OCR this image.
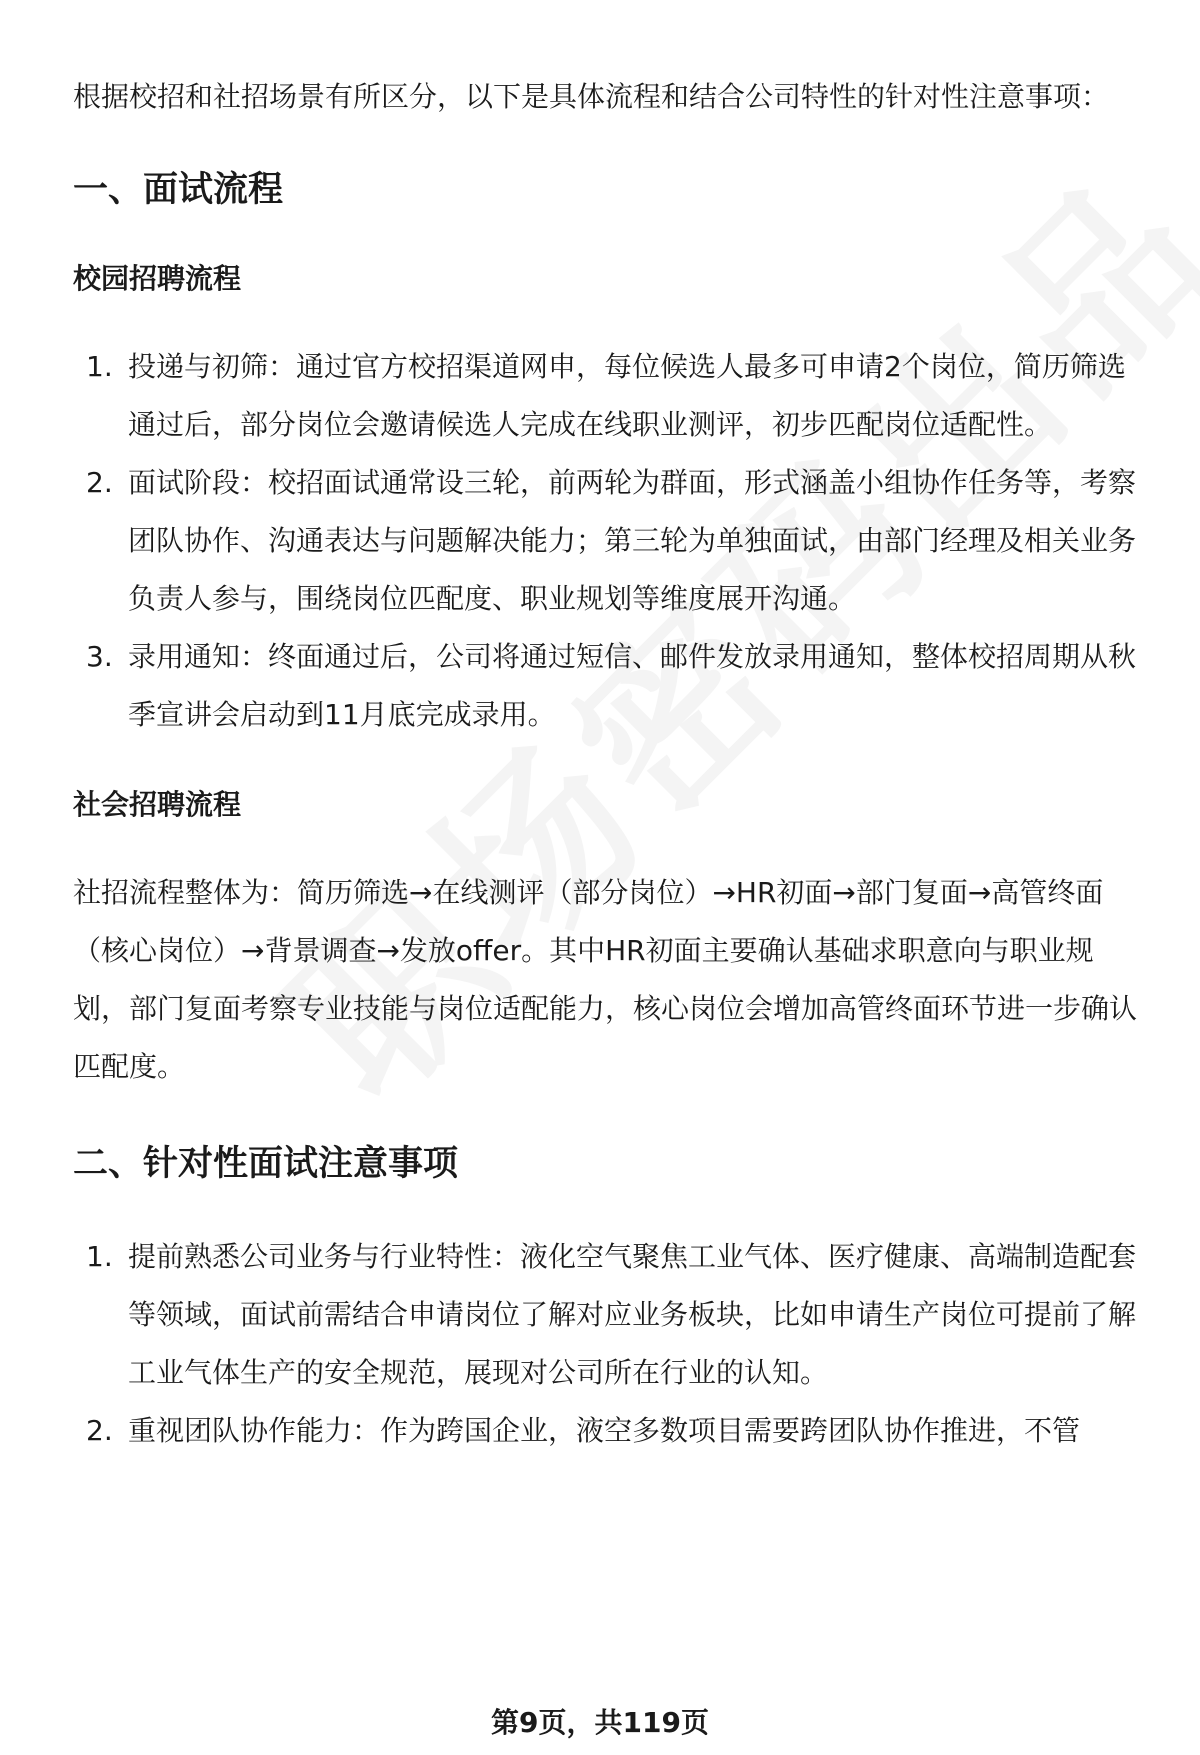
根据校招和社招场景有所区分，以下是具体流程和结合公司特性的针对性注意事项：

一、面试流程
校园招聘流程
1. 投递与初筛：通过官方校招渠道网申，每位候选人最多可申请2个岗位，简历筛选通过后，部分岗位会邀请候选人完成在线职业测评，初步匹配岗位适配性。
2. 面试阶段：校招面试通常设三轮，前两轮为群面，形式涵盖小组协作任务等，考察团队协作、沟通表达与问题解决能力；第三轮为单独面试，由部门经理及相关业务负责人参与，围绕岗位匹配度、职业规划等维度展开沟通。
3. 录用通知：终面通过后，公司将通过短信、邮件发放录用通知，整体校招周期从秋季宣讲会启动到11月底完成录用。
社会招聘流程

社招流程整体为：简历筛选→在线测评（部分岗位）→HR初面→部门复面→高管终面（核心岗位）→背景调查→发放offer。其中HR初面主要确认基础求职意向与职业规划，部门复面考察专业技能与岗位适配能力，核心岗位会增加高管终面环节进一步确认匹配度。

二、针对性面试注意事项
1. 提前熟悉公司业务与行业特性：液化空气聚焦工业气体、医疗健康、高端制造配套等领域，面试前需结合申请岗位了解对应业务板块，比如申请生产岗位可提前了解工业气体生产的安全规范，展现对公司所在行业的认知。
2. 重视团队协作能力：作为跨国企业，液空多数项目需要跨团队协作推进，不管
第9页，共119页
